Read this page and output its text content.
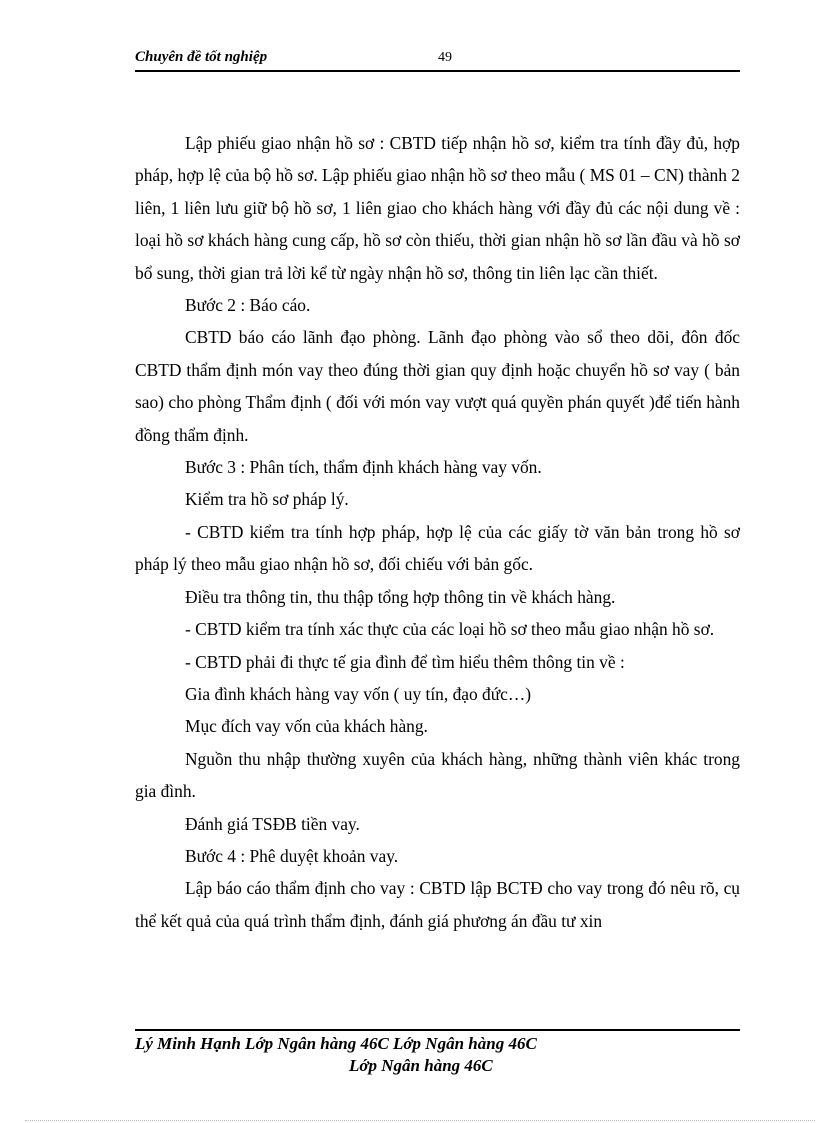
Chuyên đề tốt nghiệp	49

Lập phiếu giao nhận hồ sơ : CBTD tiếp nhận hồ sơ, kiểm tra tính đầy đủ, hợp pháp, hợp lệ của bộ hồ sơ. Lập phiếu giao nhận hồ sơ theo mẫu ( MS 01 – CN) thành 2 liên, 1 liên lưu giữ bộ hồ sơ, 1 liên giao cho khách hàng với đầy đủ các nội dung về : loại hồ sơ khách hàng cung cấp, hồ sơ còn thiếu, thời gian nhận hồ sơ lần đầu và hồ sơ bổ sung, thời gian trả lời kể từ ngày nhận hồ sơ, thông tin liên lạc cần thiết.

Bước 2 : Báo cáo.

CBTD báo cáo lãnh đạo phòng. Lãnh đạo phòng vào sổ theo dõi, đôn đốc CBTD thẩm định món vay theo đúng thời gian quy định hoặc chuyển hồ sơ vay ( bản sao) cho phòng Thẩm định ( đối với món vay vượt quá quyền phán quyết )để tiến hành đồng thẩm định.

Bước 3 : Phân tích, thẩm định khách hàng vay vốn.

Kiểm tra hồ sơ pháp lý.

- CBTD kiểm tra tính hợp pháp, hợp lệ của các giấy tờ văn bản trong hồ sơ pháp lý theo mẫu giao nhận hồ sơ, đối chiếu với bản gốc.

Điều tra thông tin, thu thập tổng hợp thông tin về khách hàng.

- CBTD kiểm tra tính xác thực của các loại hồ sơ theo mẫu giao nhận hồ sơ.

- CBTD phải đi thực tế gia đình để tìm hiểu thêm thông tin về :

Gia đình khách hàng vay vốn ( uy tín, đạo đức…)

Mục đích vay vốn của khách hàng.

Nguồn thu nhập thường xuyên của khách hàng, những thành viên khác trong gia đình.

Đánh giá TSĐB tiền vay.

Bước 4 : Phê duyệt khoản vay.

Lập báo cáo thẩm định cho vay : CBTD lập BCTĐ cho vay trong đó nêu rõ, cụ thể kết quả của quá trình thẩm định, đánh giá phương án đầu tư xin

Lý Minh Hạnh Lớp Ngân hàng 46C Lớp Ngân hàng 46C
Lớp Ngân hàng 46C
